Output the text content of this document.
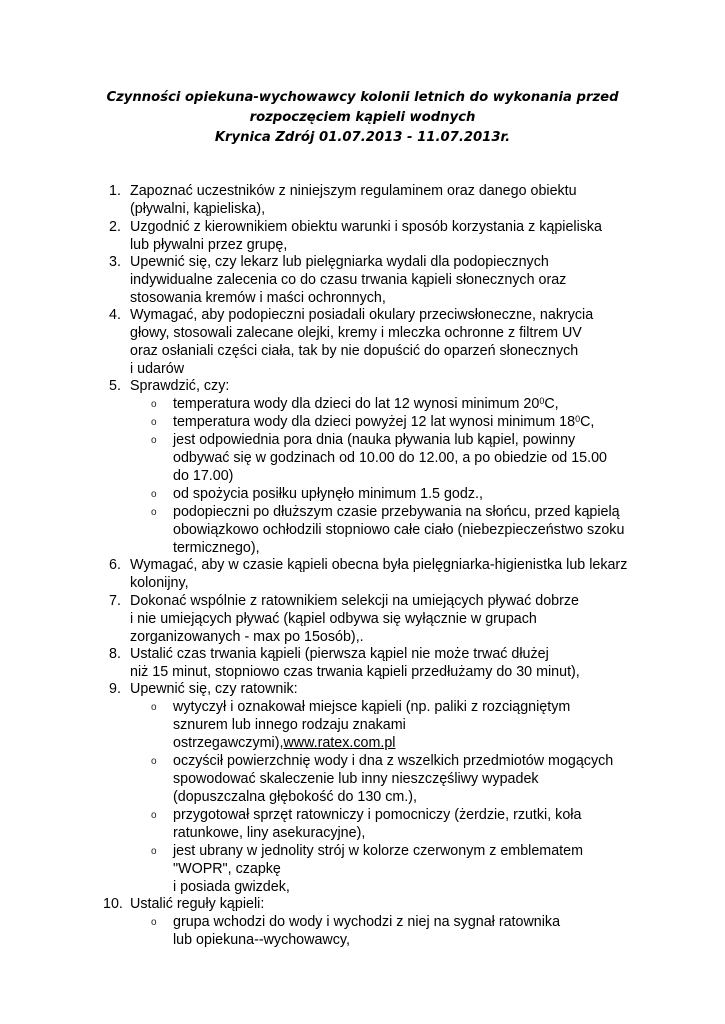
Czynności opiekuna-wychowawcy kolonii letnich do wykonania przed
rozpoczęciem kąpieli wodnych
Krynica Zdrój 01.07.2013 - 11.07.2013r.
1. Zapoznać uczestników z niniejszym regulaminem oraz danego obiektu
(pływalni, kąpieliska),
2. Uzgodnić z kierownikiem obiektu warunki i sposób korzystania z kąpieliska
lub pływalni przez grupę,
3. Upewnić się, czy lekarz lub pielęgniarka wydali dla podopiecznych
indywidualne zalecenia co do czasu trwania kąpieli słonecznych oraz
stosowania kremów i maści ochronnych,
4. Wymagać, aby podopieczni posiadali okulary przeciwsłoneczne, nakrycia
głowy, stosowali zalecane olejki, kremy i mleczka ochronne z filtrem UV
oraz osłaniali części ciała, tak by nie dopuścić do oparzeń słonecznych
i udarów
5. Sprawdzić, czy:
o temperatura wody dla dzieci do lat 12 wynosi minimum $20^0C$,
o temperatura wody dla dzieci powyżej 12 lat wynosi minimum $18^0C$,
o jest odpowiednia pora dnia (nauka pływania lub kąpiel, powinny
odbywać się w godzinach od 10.00 do 12.00, a po obiedzie od 15.00
do 17.00)
o od spożycia posiłku upłynęło minimum 1.5 godz.,
o podopieczni po dłuższym czasie przebywania na słońcu, przed kąpielą
obowiązkowo ochłodzili stopniowo całe ciało (niebezpieczeństwo szoku
termicznego),
6. Wymagać, aby w czasie kąpieli obecna była pielęgniarka-higienistka lub lekarz
kolonijny,
7. Dokonać wspólnie z ratownikiem selekcji na umiejących pływać dobrze
i nie umiejących pływać (kąpiel odbywa się wyłącznie w grupach
zorganizowanych - max po 15osób),.
8. Ustalić czas trwania kąpieli (pierwsza kąpiel nie może trwać dłużej
niż 15 minut, stopniowo czas trwania kąpieli przedłużamy do 30 minut),
9. Upewnić się, czy ratownik:
o wytyczył i oznakował miejsce kąpieli (np. paliki z rozciągniętym
sznurem lub innego rodzaju znakami
ostrzegawczymi),www.ratex.com.pl
o oczyścił powierzchnię wody i dna z wszelkich przedmiotów mogących
spowodować skaleczenie lub inny nieszczęśliwy wypadek
(dopuszczalna głębokość do 130 cm.),
o przygotował sprzęt ratowniczy i pomocniczy (żerdzie, rzutki, koła
ratunkowe, liny asekuracyjne),
o jest ubrany w jednolity strój w kolorze czerwonym z emblematem
"WOPR", czapkę
i posiada gwizdek,
10. Ustalić reguły kąpieli:
o grupa wchodzi do wody i wychodzi z niej na sygnał ratownika
lub opiekuna--wychowawcy,
